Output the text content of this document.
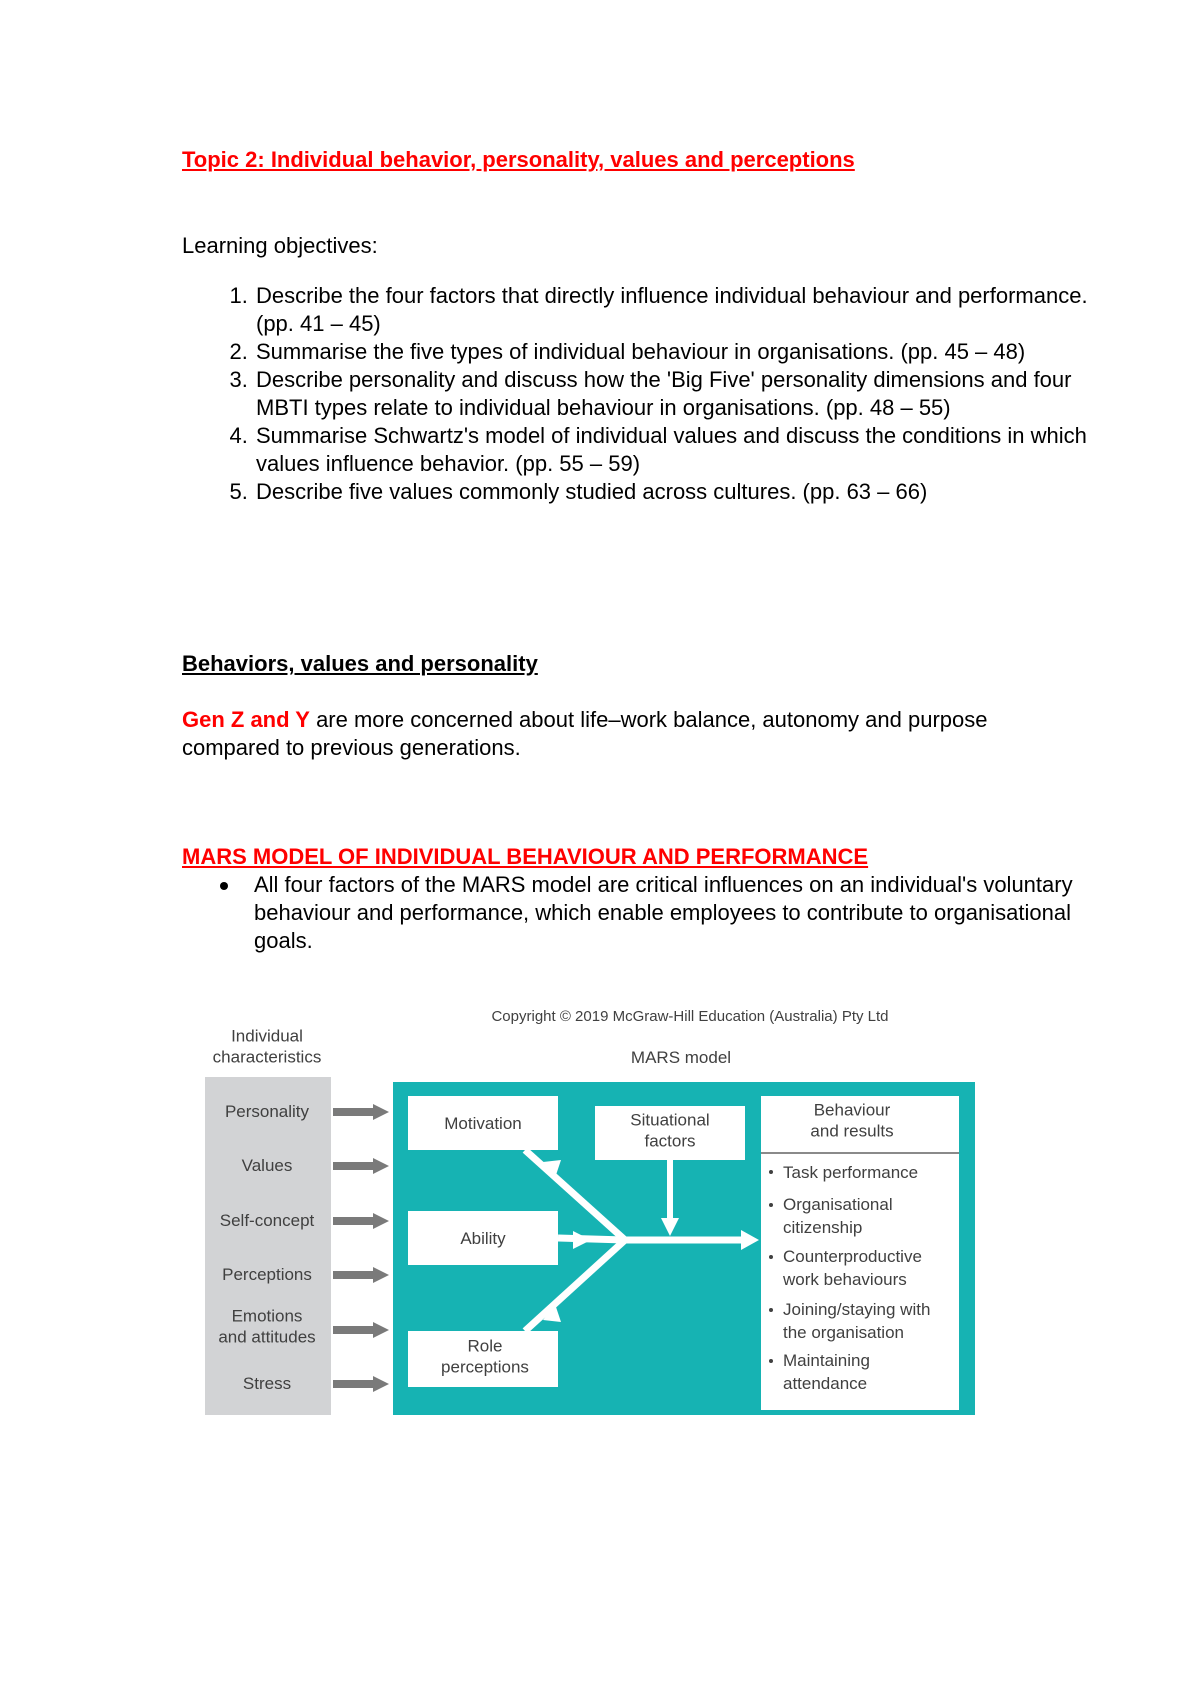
Topic 2: Individual behavior, personality, values and perceptions
Learning objectives:
1. Describe the four factors that directly influence individual behaviour and performance. (pp. 41 – 45)
2. Summarise the five types of individual behaviour in organisations. (pp. 45 – 48)
3. Describe personality and discuss how the 'Big Five' personality dimensions and four MBTI types relate to individual behaviour in organisations. (pp. 48 – 55)
4. Summarise Schwartz's model of individual values and discuss the conditions in which values influence behavior. (pp. 55 – 59)
5. Describe five values commonly studied across cultures. (pp. 63 – 66)
Behaviors, values and personality
Gen Z and Y are more concerned about life–work balance, autonomy and purpose compared to previous generations.
MARS MODEL OF INDIVIDUAL BEHAVIOUR AND PERFORMANCE
All four factors of the MARS model are critical influences on an individual's voluntary behaviour and performance, which enable employees to contribute to organisational goals.
Copyright © 2019 McGraw-Hill Education (Australia) Pty Ltd
Individual characteristics	MARS model
Personality
Values
Self-concept
Perceptions
Emotions and attitudes
Stress
Motivation
Ability
Role perceptions
Situational factors
Behaviour and results
Task performance
Organisational citizenship
Counterproductive work behaviours
Joining/staying with the organisation
Maintaining attendance
